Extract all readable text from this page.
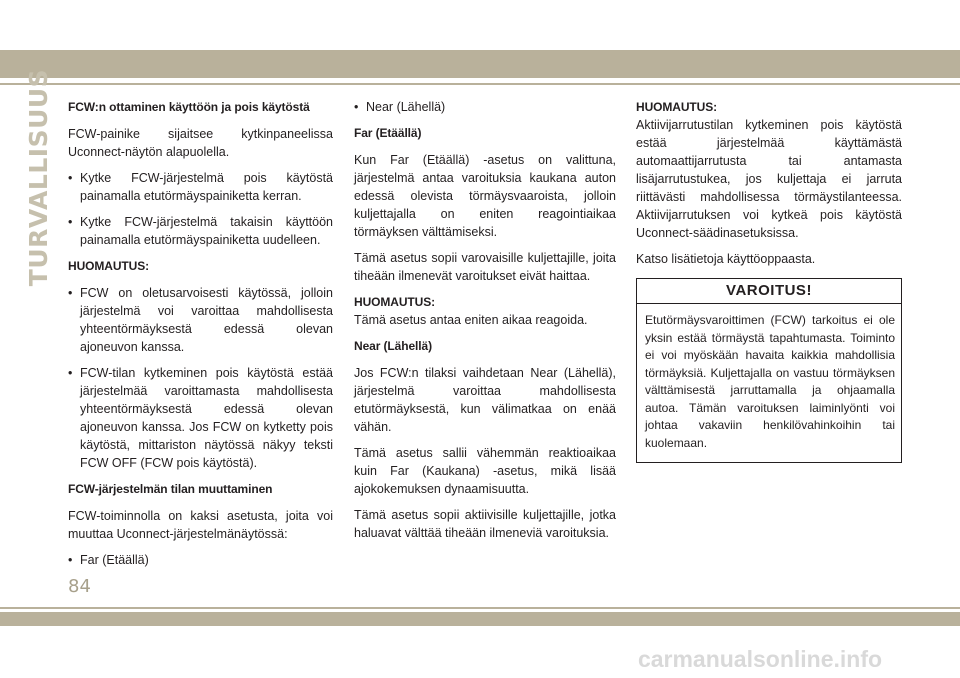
TURVALLISUUS FCW:n ottaminen käyttöön ja pois käytöstä

FCW-painike sijaitsee kytkinpaneelissa Uconnect-näytön alapuolella.

• Kytke FCW-järjestelmä pois käytöstä painamalla etutörmäyspainiketta kerran.
• Kytke FCW-järjestelmä takaisin käyttöön painamalla etutörmäyspainiketta uudelleen.
HUOMAUTUS:
• FCW on oletusarvoisesti käytössä, jolloin järjestelmä voi varoittaa mahdollisesta yhteentörmäyksestä edessä olevan ajoneuvon kanssa.
• FCW-tilan kytkeminen pois käytöstä estää järjestelmää varoittamasta mahdollisesta yhteentörmäyksestä edessä olevan ajoneuvon kanssa. Jos FCW on kytketty pois käytöstä, mittariston näytössä näkyy teksti FCW OFF (FCW pois käytöstä).
FCW-järjestelmän tilan muuttaminen

FCW-toiminnolla on kaksi asetusta, joita voi muuttaa Uconnect-järjestelmänäytössä:

• Far (Etäällä)
• Near (Lähellä)
Far (Etäällä)

Kun Far (Etäällä) -asetus on valittuna, järjestelmä antaa varoituksia kaukana auton edessä olevista törmäysvaaroista, jolloin kuljettajalla on eniten reagointiaikaa törmäyksen välttämiseksi.

Tämä asetus sopii varovaisille kuljettajille, joita tiheään ilmenevät varoitukset eivät haittaa.

HUOMAUTUS:

Tämä asetus antaa eniten aikaa reagoida.

Near (Lähellä)

Jos FCW:n tilaksi vaihdetaan Near (Lähellä), järjestelmä varoittaa mahdollisesta etutörmäyksestä, kun välimatkaa on enää vähän.

Tämä asetus sallii vähemmän reaktioaikaa kuin Far (Kaukana) -asetus, mikä lisää ajokokemuksen dynaamisuutta.

Tämä asetus sopii aktiivisille kuljettajille, jotka haluavat välttää tiheään ilmeneviä varoituksia.

HUOMAUTUS:

Aktiivijarrutustilan kytkeminen pois käytöstä estää järjestelmää käyttämästä automaattijarrutusta tai antamasta lisäjarrutustukea, jos kuljettaja ei jarruta riittävästi mahdollisessa törmäystilanteessa. Aktiivijarrutuksen voi kytkeä pois käytöstä Uconnect-säädinasetuksissa.

Katso lisätietoja käyttöoppaasta.

VAROITUS!
Etutörmäysvaroittimen (FCW) tarkoitus ei ole yksin estää törmäystä tapahtumasta. Toiminto ei voi myöskään havaita kaikkia mahdollisia törmäyksiä. Kuljettajalla on vastuu törmäyksen välttämisestä jarruttamalla ja ohjaamalla autoa. Tämän varoituksen laiminlyönti voi johtaa vakaviin henkilövahinkoihin tai kuolemaan.
84
carmanualsonline.info
